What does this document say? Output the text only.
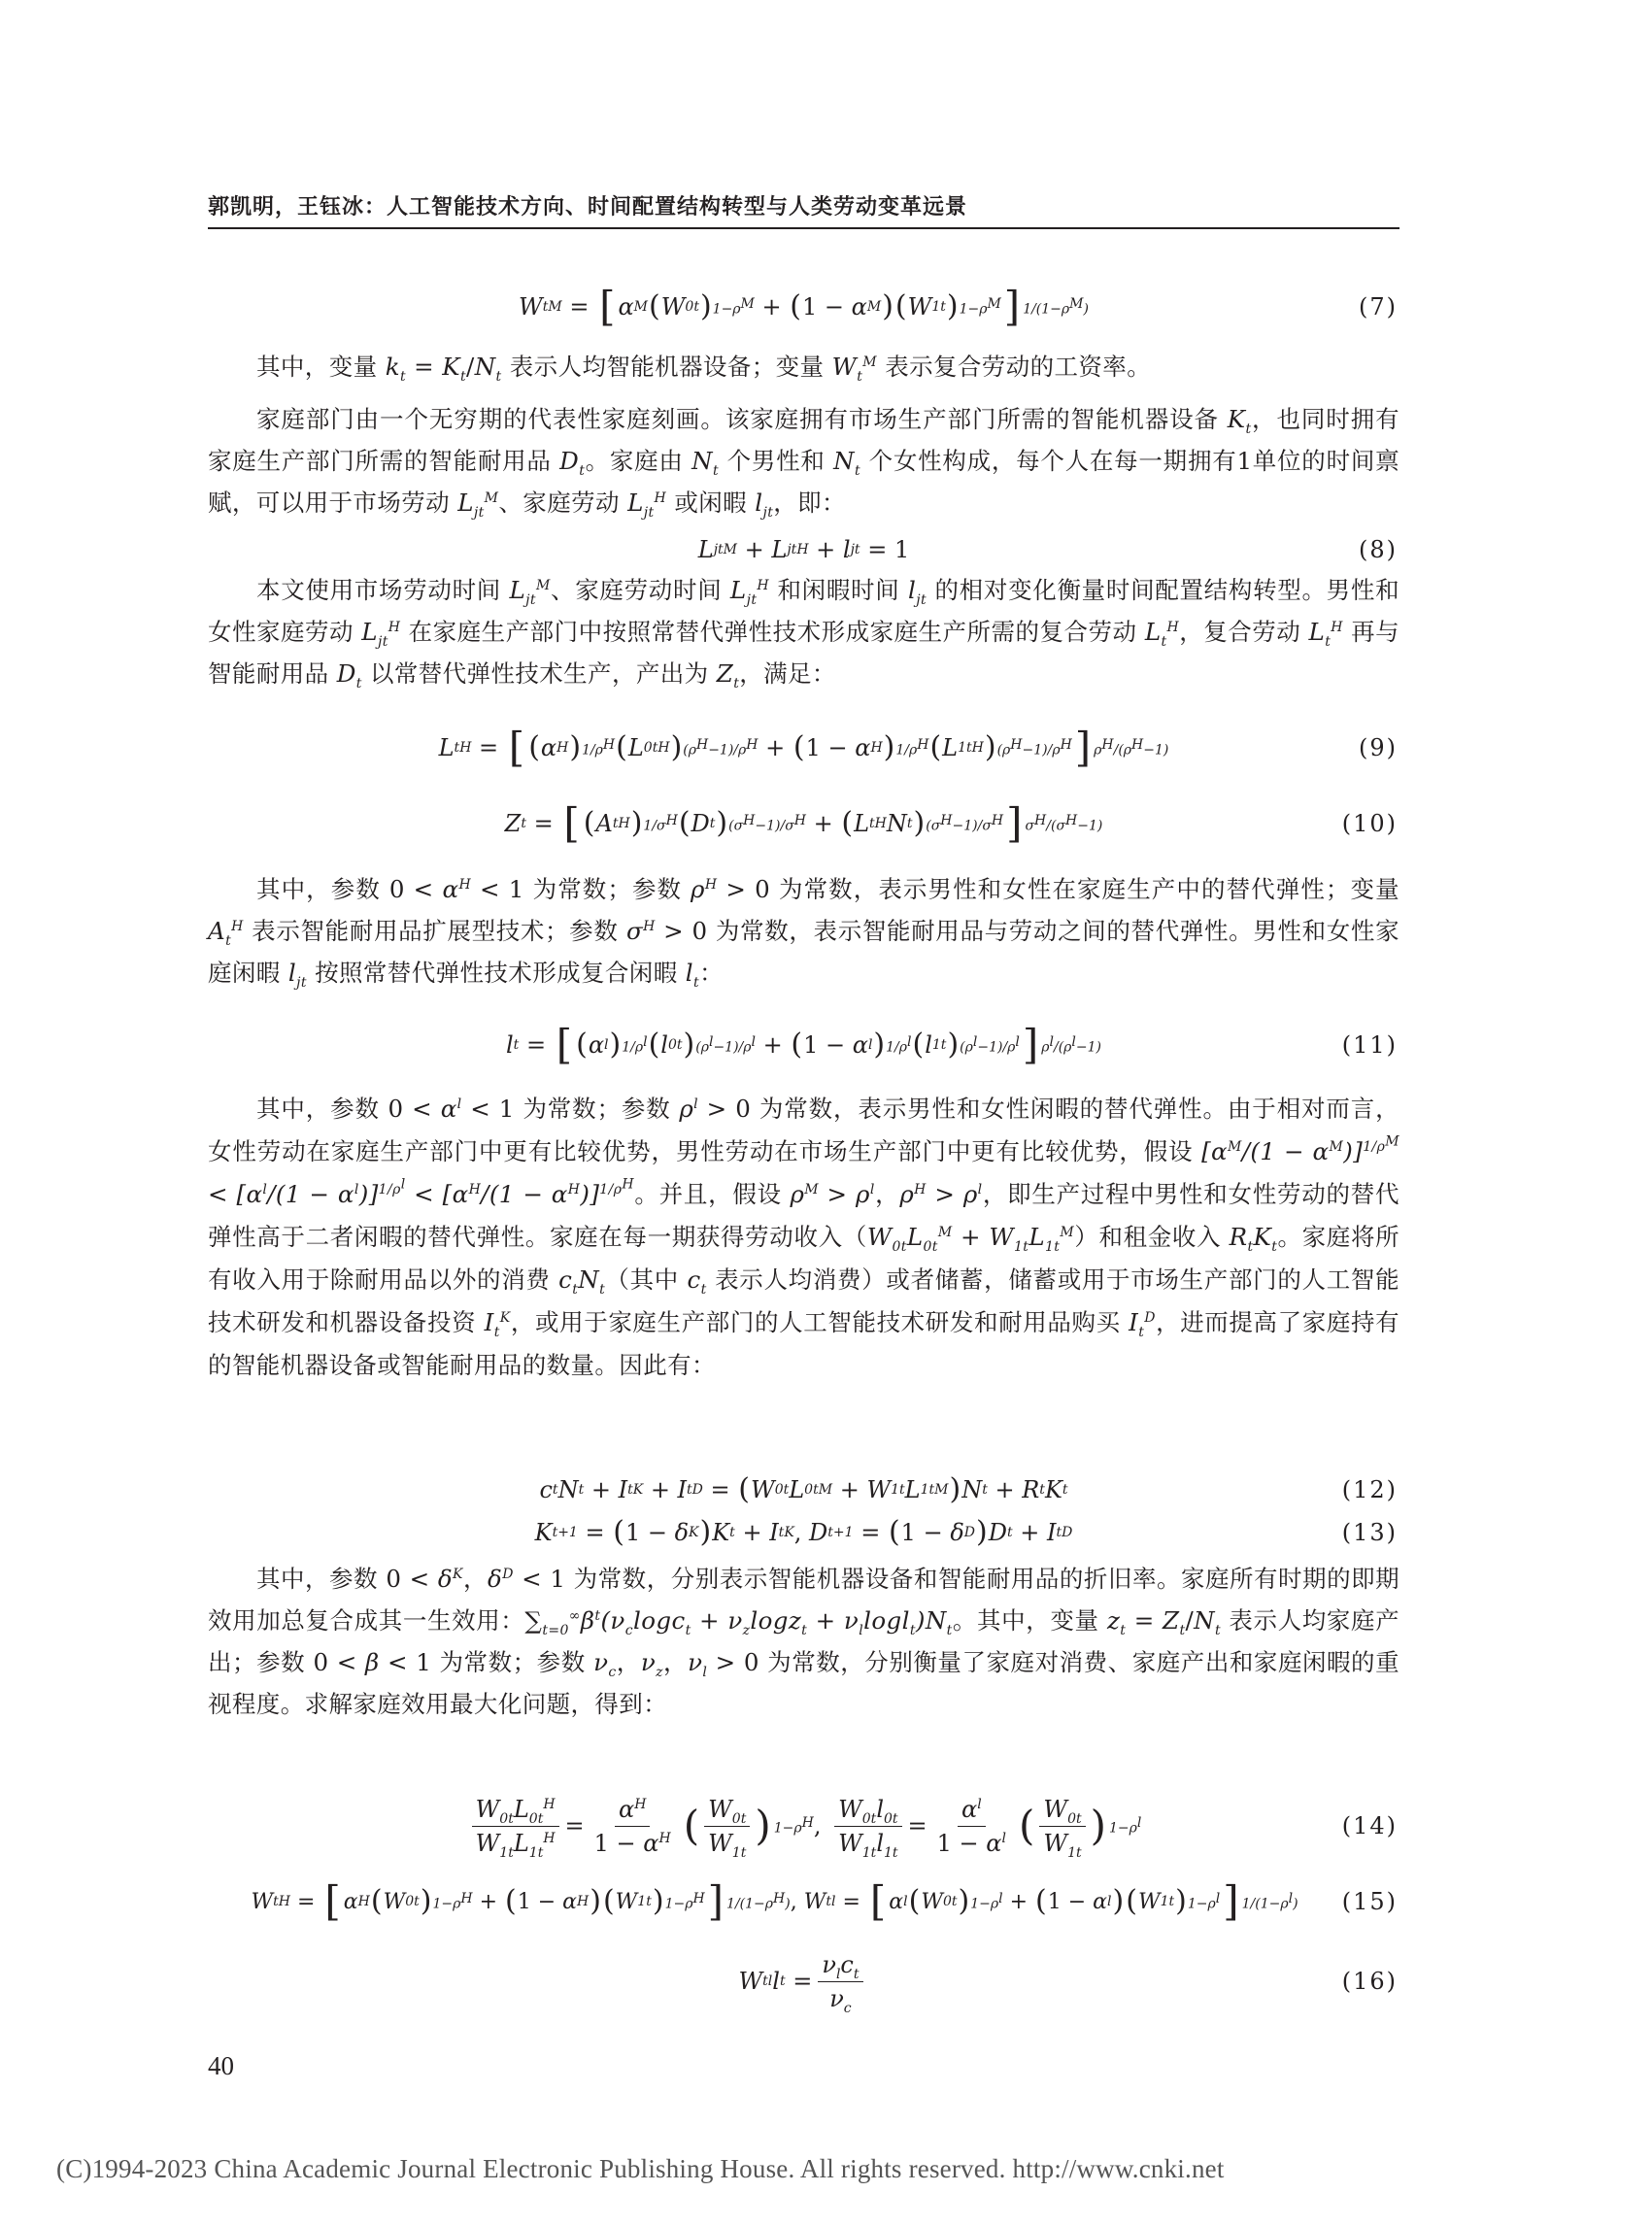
郭凯明，王钰冰：人工智能技术方向、时间配置结构转型与人类劳动变革远景
W t M
=
[ α M ( W 0t ) $1-\rho^M$
+
( 1 − α M ) ( W 1t ) $1-\rho^M$ ] $1/(1-\rho^M)$	(7)

其中，变量 $k_t = K_t/N_t$ 表示人均智能机器设备；变量 $W_t^M$ 表示复合劳动的工资率。

家庭部门由一个无穷期的代表性家庭刻画。该家庭拥有市场生产部门所需的智能机器设备 $K_t$，也同时拥有家庭生产部门所需的智能耐用品 $D_t$。家庭由 $N_t$ 个男性和 $N_t$ 个女性构成，每个人在每一期拥有1单位的时间禀赋，可以用于市场劳动 $L_{jt}^M$、家庭劳动 $L_{jt}^H$ 或闲暇 $l_{jt}$，即：

L jt M
+ L jt H
+ l jt
= 1	(8)

本文使用市场劳动时间 $L_{jt}^M$、家庭劳动时间 $L_{jt}^H$ 和闲暇时间 $l_{jt}$ 的相对变化衡量时间配置结构转型。男性和女性家庭劳动 $L_{jt}^H$ 在家庭生产部门中按照常替代弹性技术形成家庭生产所需的复合劳动 $L_t^H$，复合劳动 $L_t^H$ 再与智能耐用品 $D_t$ 以常替代弹性技术生产，产出为 $Z_t$，满足：

L t H
=
[ ( α H ) $1/\rho^H$ ( L 0t H ) $(\rho^H-1)/\rho^H$
+
( 1 − α H ) $1/\rho^H$ ( L 1t H ) $(\rho^H-1)/\rho^H$ ] $\rho^H/(\rho^H-1)$	(9)
Z t
=
[ ( A t H ) $1/\sigma^H$ ( D t ) $(\sigma^H-1)/\sigma^H$
+
( L t H N t ) $(\sigma^H-1)/\sigma^H$ ] $\sigma^H/(\sigma^H-1)$	(10)

其中，参数 $0 < \alpha^H < 1$ 为常数；参数 $\rho^H > 0$ 为常数，表示男性和女性在家庭生产中的替代弹性；变量 $A_t^H$ 表示智能耐用品扩展型技术；参数 $\sigma^H > 0$ 为常数，表示智能耐用品与劳动之间的替代弹性。男性和女性家庭闲暇 $l_{jt}$ 按照常替代弹性技术形成复合闲暇 $l_t$：

l t
=
[ ( α l ) $1/\rho^l$ ( l 0t ) $(\rho^l-1)/\rho^l$
+
( 1 − α l ) $1/\rho^l$ ( l 1t ) $(\rho^l-1)/\rho^l$ ] $\rho^l/(\rho^l-1)$	(11)

其中，参数 $0 < \alpha^l < 1$ 为常数；参数 $\rho^l > 0$ 为常数，表示男性和女性闲暇的替代弹性。由于相对而言，女性劳动在家庭生产部门中更有比较优势，男性劳动在市场生产部门中更有比较优势，假设 $[\alpha^M/(1 - \alpha^M)]^{1/\rho^M} < [\alpha^l/(1 - \alpha^l)]^{1/\rho^l} < [\alpha^H/(1 - \alpha^H)]^{1/\rho^H}$。并且，假设 $\rho^M > \rho^l$，$\rho^H > \rho^l$，即生产过程中男性和女性劳动的替代弹性高于二者闲暇的替代弹性。家庭在每一期获得劳动收入$(W_{0t}L_{0t}^M + W_{1t}L_{1t}^M)$和租金收入 $R_tK_t$。家庭将所有收入用于除耐用品以外的消费 $c_tN_t$（其中 $c_t$ 表示人均消费）或者储蓄，储蓄或用于市场生产部门的人工智能技术研发和机器设备投资 $I_t^K$，或用于家庭生产部门的人工智能技术研发和耐用品购买 $I_t^D$，进而提高了家庭持有的智能机器设备或智能耐用品的数量。因此有：

c t N t
+ I t K
+ I t D
=
( W 0t L 0t M
+ W 1t L 1t M ) N t
+ R t K t	(12)
K t+1
=
( 1 − δ K ) K t
+ I t K , D t+1
=
( 1 − δ D ) D t
+ I t D	(13)

其中，参数 $0 < \delta^K$，$\delta^D < 1$ 为常数，分别表示智能机器设备和智能耐用品的折旧率。家庭所有时期的即期效用加总复合成其一生效用：$\sum_{t=0}^\infty\beta^t(\nu_c\log c_t + \nu_z\log z_t + \nu_l\log l_t)N_t$。其中，变量 $z_t = Z_t/N_t$ 表示人均家庭产出；参数 0 < β < 1 为常数；参数 $\nu_c$，$\nu_z$，$\nu_l > 0$ 为常数，分别衡量了家庭对消费、家庭产出和家庭闲暇的重视程度。求解家庭效用最大化问题，得到：

$\frac{W_{0t}L_{0t}^H}{W_{1t}L_{1t}^H} = \frac{\alpha^H}{1 - \alpha^H}$ ( $\frac{W_{0t}}{W_{1t}}$ ) $1-\rho^H$ , $\frac{W_{0t}l_{0t}}{W_{1t}l_{1t}} = \frac{\alpha^l}{1 - \alpha^l}$ ( $\frac{W_{0t}}{W_{1t}}$ ) $1-\rho^l$	(14)
W t H
=
[ α H ( W 0t ) $1-\rho^H$
+
( 1 − α H ) ( W 1t ) $1-\rho^H$ ] $1/(1-\rho^H)$ , W t l
=
[ α l ( W 0t ) $1-\rho^l$
+
( 1 − α l ) ( W 1t ) $1-\rho^l$ ] $1/(1-\rho^l)$ (15)
W t l l t
= $\frac{\nu_lc_t}{\nu_c}$	(16)
40
(C)1994-2023 China Academic Journal Electronic Publishing House. All rights reserved. http://www.cnki.net
